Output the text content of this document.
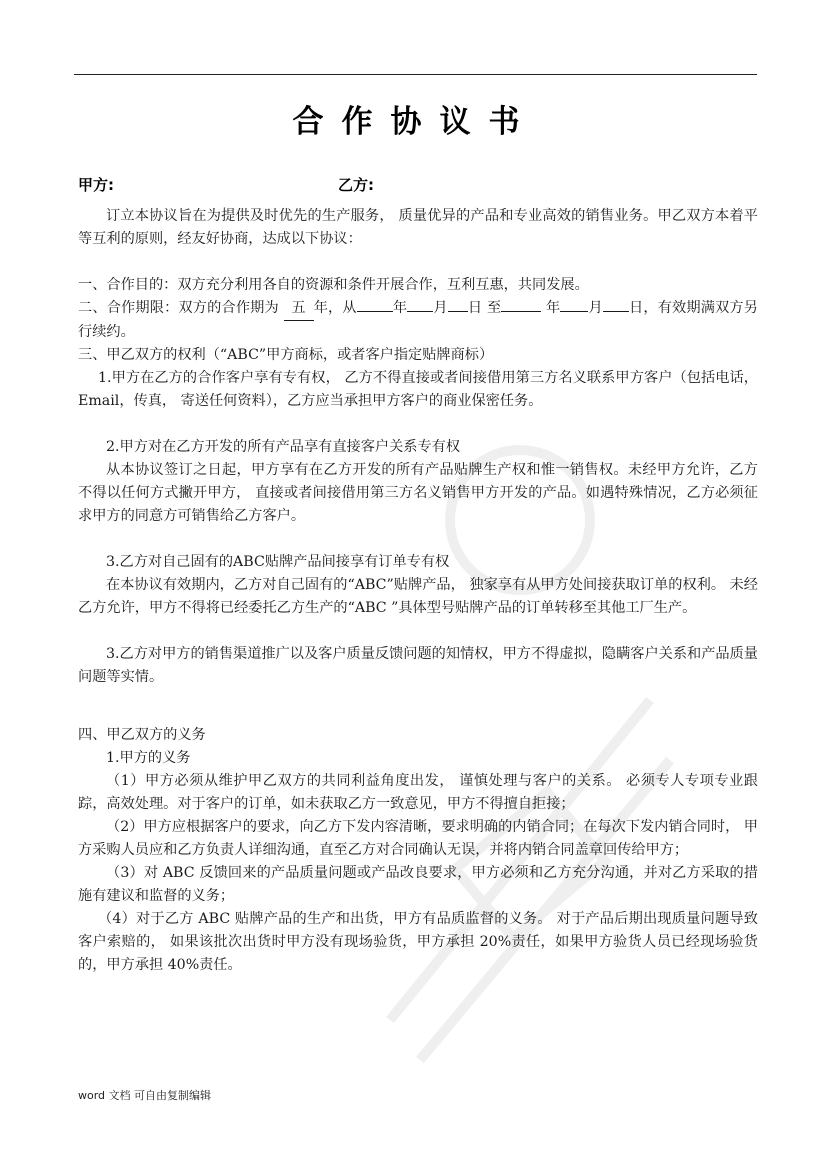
合作协议书
甲方:	乙方:

订立本协议旨在为提供及时优先的生产服务， 质量优异的产品和专业高效的销售业务。甲乙双方本着平等互利的原则，经友好协商，达成以下协议：

一、合作目的：双方充分利用各自的资源和条件开展合作，互利互惠，共同发展。

二、合作期限：双方的合作期为 五 年，从	年 月 日 至	年 月 日，有效期满双方另行续约。

三、甲乙双方的权利（“ABC”甲方商标，或者客户指定贴牌商标）

1.甲方在乙方的合作客户享有专有权， 乙方不得直接或者间接借用第三方名义联系甲方客户（包括电话， Email，传真， 寄送任何资料），乙方应当承担甲方客户的商业保密任务。

2.甲方对在乙方开发的所有产品享有直接客户关系专有权

从本协议签订之日起，甲方享有在乙方开发的所有产品贴牌生产权和惟一销售权。未经甲方允许，乙方不得以任何方式撇开甲方， 直接或者间接借用第三方名义销售甲方开发的产品。如遇特殊情况，乙方必须征求甲方的同意方可销售给乙方客户。

3.乙方对自己固有的ABC贴牌产品间接享有订单专有权

在本协议有效期内，乙方对自己固有的“ABC”贴牌产品， 独家享有从甲方处间接获取订单的权利。 未经乙方允许，甲方不得将已经委托乙方生产的“ABC ”具体型号贴牌产品的订单转移至其他工厂生产。

3.乙方对甲方的销售渠道推广以及客户质量反馈问题的知情权，甲方不得虚拟，隐瞒客户关系和产品质量问题等实情。

四、甲乙双方的义务

1.甲方的义务

（1）甲方必须从维护甲乙双方的共同利益角度出发， 谨慎处理与客户的关系。 必须专人专项专业跟踪，高效处理。对于客户的订单，如未获取乙方一致意见，甲方不得擅自拒接；

（2）甲方应根据客户的要求，向乙方下发内容清晰，要求明确的内销合同；在每次下发内销合同时， 甲方采购人员应和乙方负责人详细沟通，直至乙方对合同确认无误，并将内销合同盖章回传给甲方；

（3）对 ABC 反馈回来的产品质量问题或产品改良要求，甲方必须和乙方充分沟通，并对乙方采取的措施有建议和监督的义务；

（4）对于乙方 ABC 贴牌产品的生产和出货，甲方有品质监督的义务。 对于产品后期出现质量问题导致客户索赔的， 如果该批次出货时甲方没有现场验货，甲方承担 20%责任，如果甲方验货人员已经现场验货的，甲方承担 40%责任。

word 文档 可自由复制编辑
